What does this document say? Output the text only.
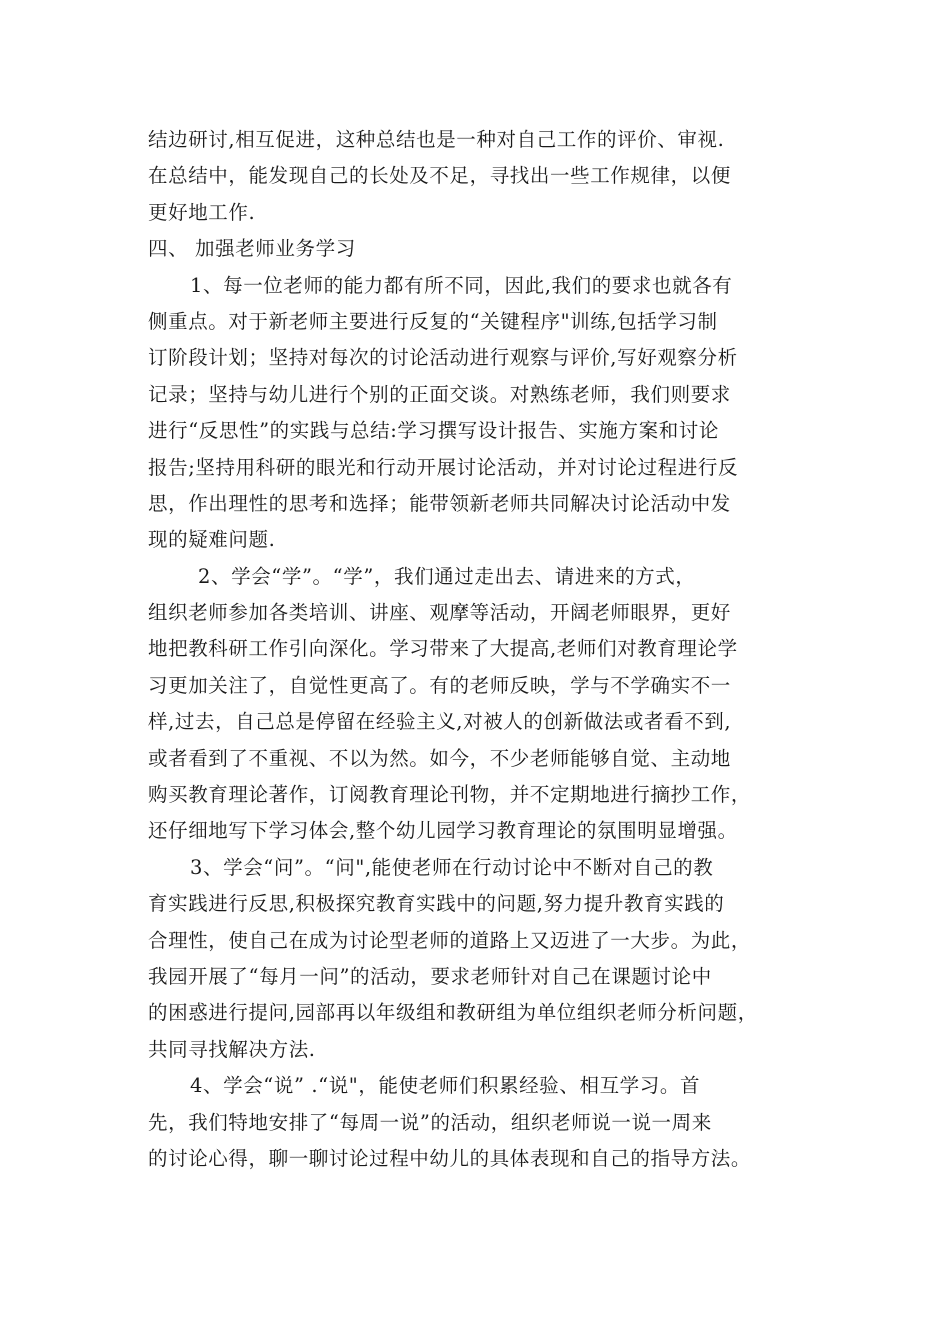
结边研讨,相互促进，这种总结也是一种对自己工作的评价、审视.
在总结中，能发现自己的长处及不足，寻找出一些工作规律，以便
更好地工作.
四、 加强老师业务学习
1、每一位老师的能力都有所不同，因此,我们的要求也就各有
侧重点。对于新老师主要进行反复的“关键程序"训练,包括学习制
订阶段计划；坚持对每次的讨论活动进行观察与评价,写好观察分析
记录；坚持与幼儿进行个别的正面交谈。对熟练老师，我们则要求
进行“反思性”的实践与总结:学习撰写设计报告、实施方案和讨论
报告;坚持用科研的眼光和行动开展讨论活动，并对讨论过程进行反
思，作出理性的思考和选择；能带领新老师共同解决讨论活动中发
现的疑难问题.
2、学会“学”。“学”，我们通过走出去、请进来的方式，
组织老师参加各类培训、讲座、观摩等活动，开阔老师眼界，更好
地把教科研工作引向深化。学习带来了大提高,老师们对教育理论学
习更加关注了，自觉性更高了。有的老师反映，学与不学确实不一
样,过去，自己总是停留在经验主义,对被人的创新做法或者看不到,
或者看到了不重视、不以为然。如今，不少老师能够自觉、主动地
购买教育理论著作，订阅教育理论刊物，并不定期地进行摘抄工作，
还仔细地写下学习体会,整个幼儿园学习教育理论的氛围明显增强。
3、学会“问”。“问",能使老师在行动讨论中不断对自己的教
育实践进行反思,积极探究教育实践中的问题,努力提升教育实践的
合理性，使自己在成为讨论型老师的道路上又迈进了一大步。为此，
我园开展了“每月一问”的活动，要求老师针对自己在课题讨论中
的困惑进行提问,园部再以年级组和教研组为单位组织老师分析问题，
共同寻找解决方法.
4、学会“说” .“说"，能使老师们积累经验、相互学习。首
先，我们特地安排了“每周一说”的活动，组织老师说一说一周来
的讨论心得，聊一聊讨论过程中幼儿的具体表现和自己的指导方法。
